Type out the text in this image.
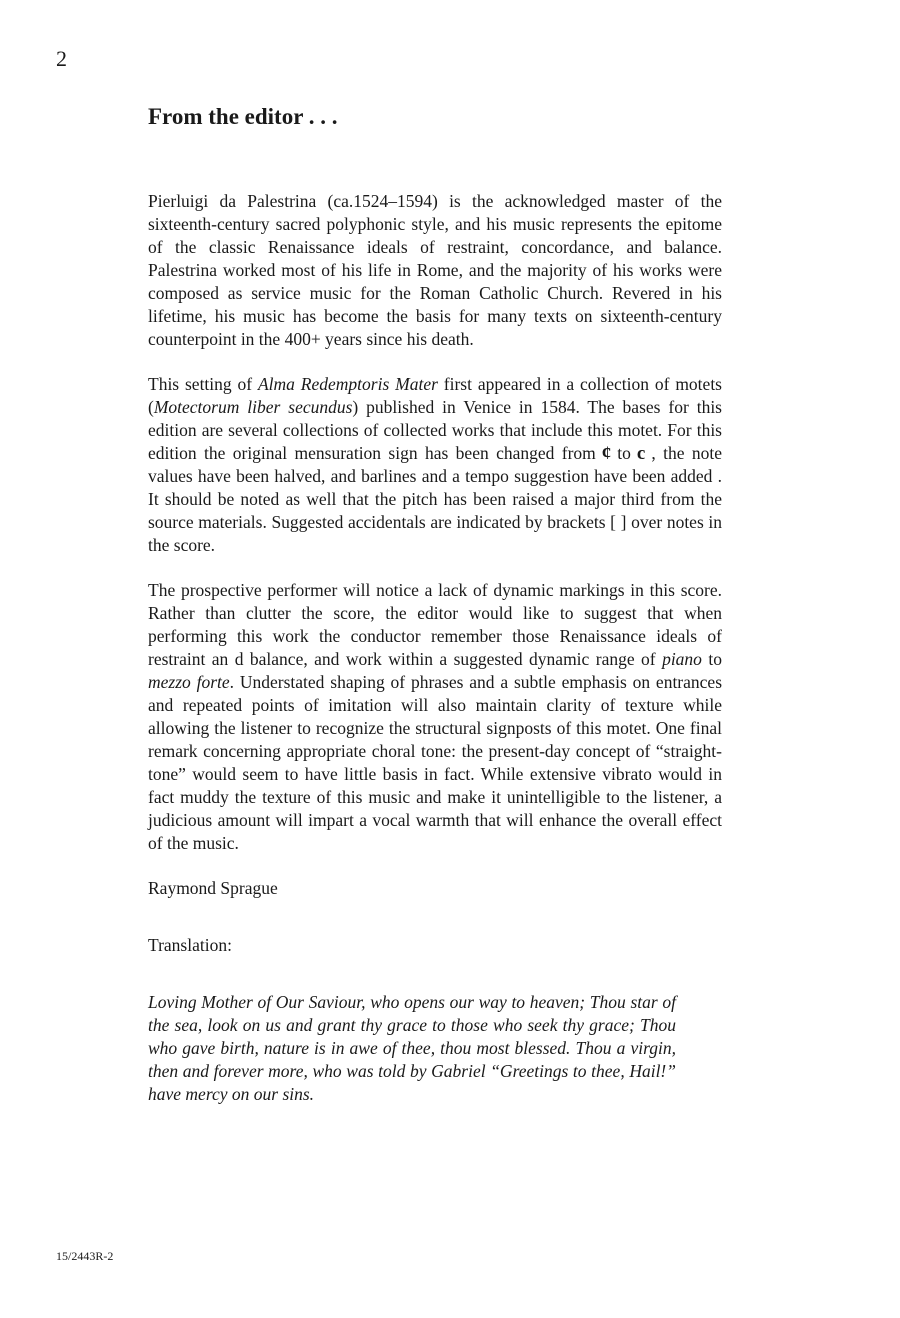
2
From the editor . . .

Pierluigi da Palestrina (ca.1524–1594) is the acknowledged master of the sixteenth-century sacred polyphonic style, and his music represents the epitome of the classic Renaissance ideals of restraint, concordance, and balance. Palestrina worked most of his life in Rome, and the majority of his works were composed as service music for the Roman Catholic Church. Revered in his lifetime, his music has become the basis for many texts on sixteenth-century counterpoint in the 400+ years since his death.

This setting of Alma Redemptoris Mater first appeared in a collection of motets (Motectorum liber secundus) published in Venice in 1584. The bases for this edition are several collections of collected works that include this motet. For this edition the original mensuration sign has been changed from ¢ to c , the note values have been halved, and barlines and a tempo suggestion have been added . It should be noted as well that the pitch has been raised a major third from the source materials. Suggested accidentals are indicated by brackets [ ] over notes in the score.

The prospective performer will notice a lack of dynamic markings in this score. Rather than clutter the score, the editor would like to suggest that when performing this work the conductor remember those Renaissance ideals of restraint an d balance, and work within a suggested dynamic range of piano to mezzo forte. Understated shaping of phrases and a subtle emphasis on entrances and repeated points of imitation will also maintain clarity of texture while allowing the listener to recognize the structural signposts of this motet. One final remark concerning appropriate choral tone: the present-day concept of “straight-tone” would seem to have little basis in fact. While extensive vibrato would in fact muddy the texture of this music and make it unintelligible to the listener, a judicious amount will impart a vocal warmth that will enhance the overall effect of the music.

Raymond Sprague

Translation:

Loving Mother of Our Saviour, who opens our way to heaven; Thou star of the sea, look on us and grant thy grace to those who seek thy grace; Thou who gave birth, nature is in awe of thee, thou most blessed. Thou a virgin, then and forever more, who was told by Gabriel “Greetings to thee, Hail!” have mercy on our sins.

15/2443R-2
